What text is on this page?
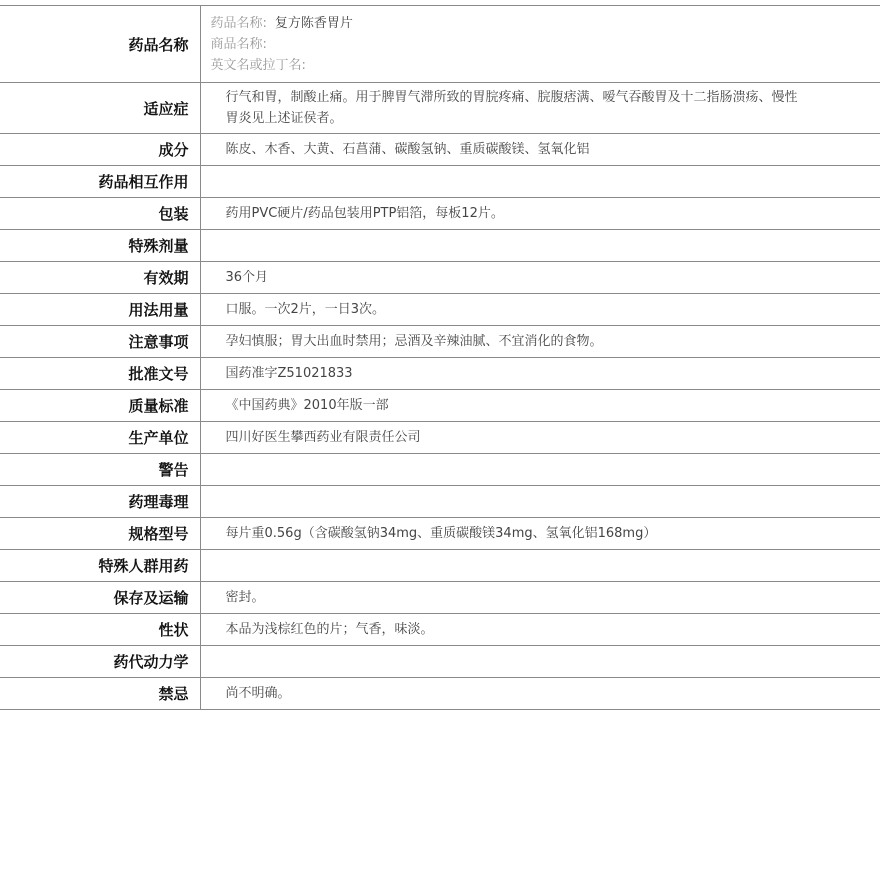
药品名称	药品名称: 复方陈香胃片
商品名称:
英文名或拉丁名:

适应症	行气和胃，制酸止痛。用于脾胃气滞所致的胃脘疼痛、脘腹痞满、嗳气吞酸胃及十二指肠溃疡、慢性胃炎见上述证侯者。
成分	陈皮、木香、大黄、石菖蒲、碳酸氢钠、重质碳酸镁、氢氧化铝
药品相互作用	
包装	药用PVC硬片/药品包装用PTP铝箔，每板12片。
特殊剂量	
有效期	36个月
用法用量	口服。一次2片，一日3次。
注意事项	孕妇慎服；胃大出血时禁用；忌酒及辛辣油腻、不宜消化的食物。
批准文号	国药准字Z51021833
质量标准	《中国药典》2010年版一部
生产单位	四川好医生攀西药业有限责任公司
警告	
药理毒理	
规格型号	每片重0.56g（含碳酸氢钠34mg、重质碳酸镁34mg、氢氧化铝168mg）
特殊人群用药	
保存及运输	密封。
性状	本品为浅棕红色的片；气香，味淡。
药代动力学	
禁忌	尚不明确。
